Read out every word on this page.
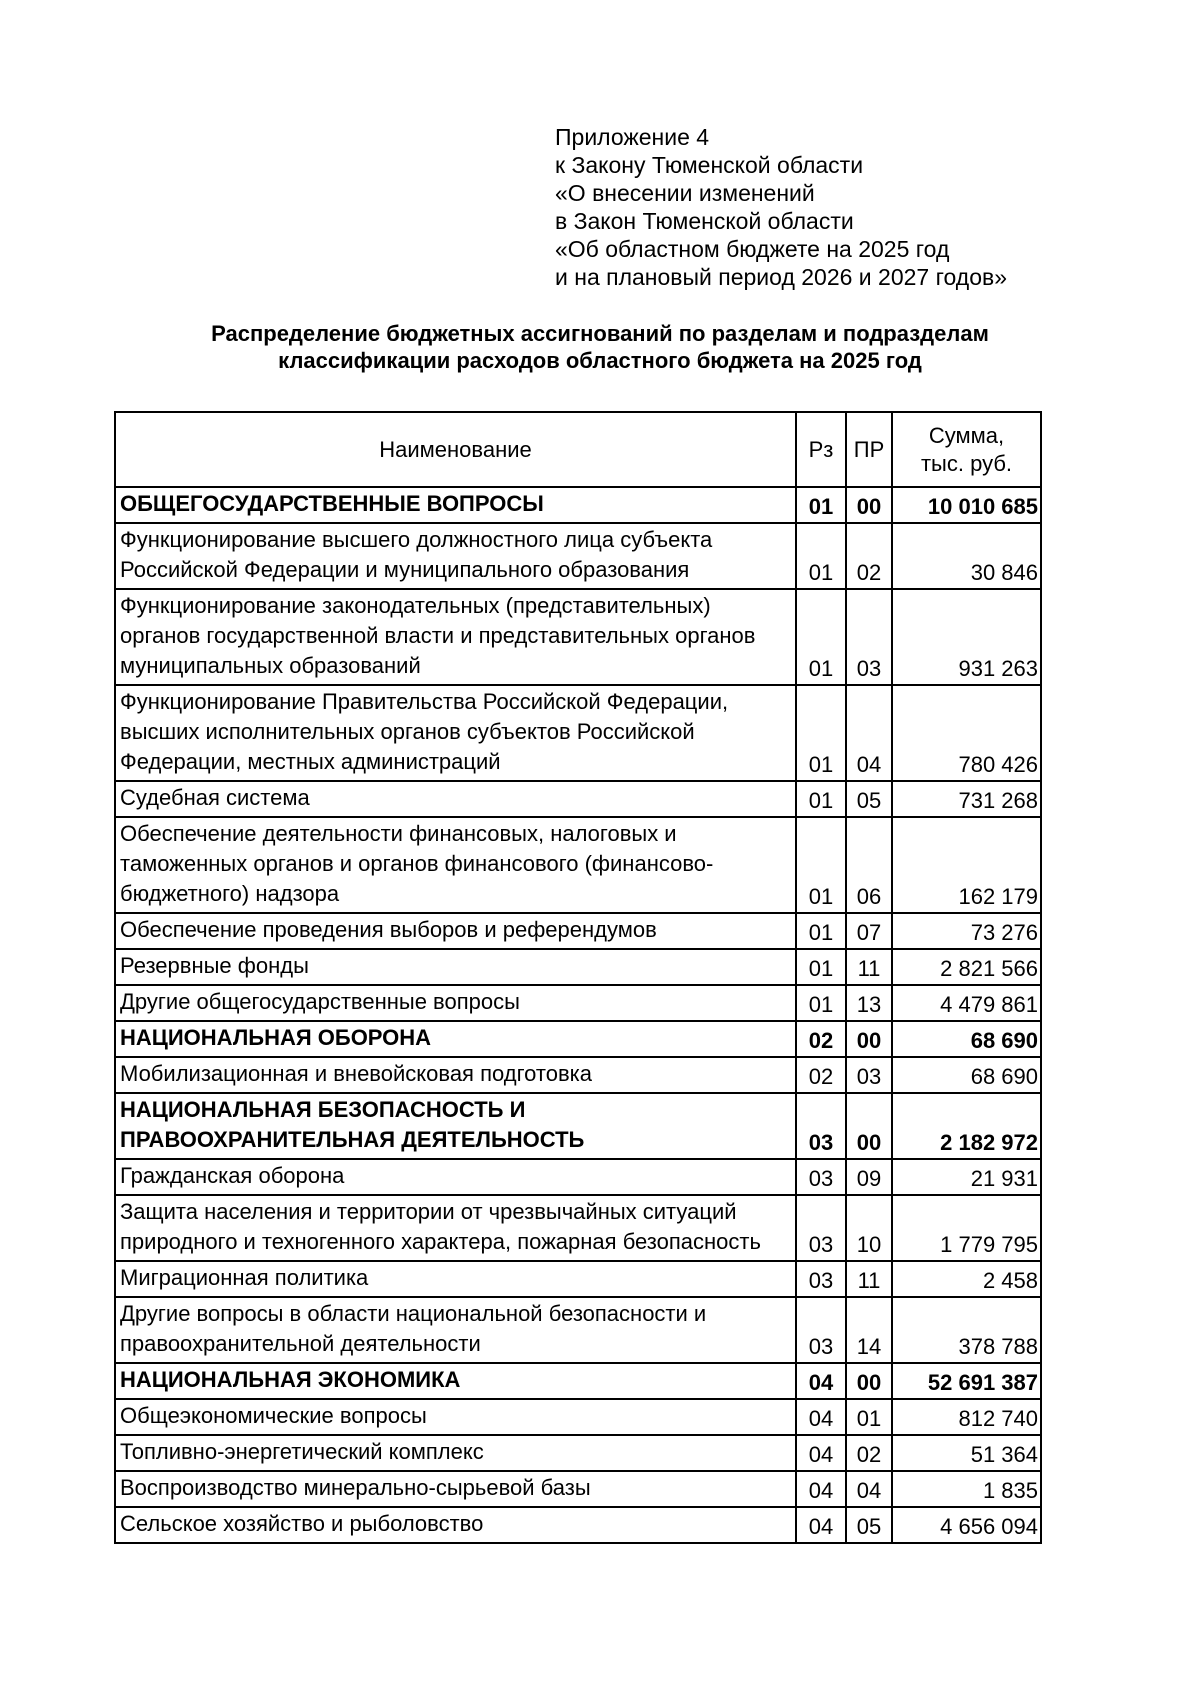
Приложение 4
к Закону Тюменской области
«О внесении изменений
в Закон Тюменской области
«Об областном бюджете на 2025 год
и на плановый период 2026 и 2027 годов»
Распределение бюджетных ассигнований по разделам и подразделам
классификации расходов областного бюджета на 2025 год
Наименование	Рз	ПР	Сумма,
тыс. руб.

ОБЩЕГОСУДАРСТВЕННЫЕ ВОПРОСЫ	01	00	10 010 685

Функционирование высшего должностного лица субъекта Российской Федерации и муниципального образования	01	02	30 846

Функционирование законодательных (представительных) органов государственной власти и представительных органов муниципальных образований	01	03	931 263

Функционирование Правительства Российской Федерации, высших исполнительных органов субъектов Российской Федерации, местных администраций	01	04	780 426

Судебная система	01	05	731 268

Обеспечение деятельности финансовых, налоговых и таможенных органов и органов финансового (финансово-бюджетного) надзора	01	06	162 179

Обеспечение проведения выборов и референдумов	01	07	73 276

Резервные фонды	01	11	2 821 566

Другие общегосударственные вопросы	01	13	4 479 861

НАЦИОНАЛЬНАЯ ОБОРОНА	02	00	68 690

Мобилизационная и вневойсковая подготовка	02	03	68 690

НАЦИОНАЛЬНАЯ БЕЗОПАСНОСТЬ И ПРАВООХРАНИТЕЛЬНАЯ ДЕЯТЕЛЬНОСТЬ	03	00	2 182 972

Гражданская оборона	03	09	21 931

Защита населения и территории от чрезвычайных ситуаций природного и техногенного характера, пожарная безопасность	03	10	1 779 795

Миграционная политика	03	11	2 458

Другие вопросы в области национальной безопасности и правоохранительной деятельности	03	14	378 788

НАЦИОНАЛЬНАЯ ЭКОНОМИКА	04	00	52 691 387

Общеэкономические вопросы	04	01	812 740

Топливно-энергетический комплекс	04	02	51 364

Воспроизводство минерально-сырьевой базы	04	04	1 835

Сельское хозяйство и рыболовство	04	05	4 656 094
